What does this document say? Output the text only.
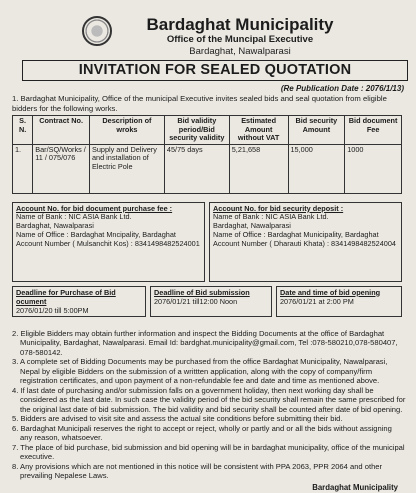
Bardaghat Municipality
Office of the Muncipal Executive
Bardaghat, Nawalparasi
INVITATION FOR SEALED QUOTATION
(Re Publication Date : 2076/1/13)
1. Bardaghat Municipality, Office of the municipal Executive invites sealed bids and seal quotation from eligible bidders for the following works.
S. N.	Contract No.	Description of wroks	Bid validity period/Bid security validity	Estimated Amount without VAT	Bid security Amount	Bid document Fee
1.	Bar/SQ/Works / 11 / 075/076	Supply and Delivery and installation of Electric Pole	45/75 days	5,21,658	15,000	1000
Account No. for bid document purchase fee :
Name of Bank : NIC ASIA Bank Ltd.
Bardaghat, Nawalparasi
Name of Office : Bardaghat Mncipality, Bardaghat
Account Number ( Mulsanchit Kos) : 8341498482524001
Account No. for bid security deposit :
Name of Bank : NIC ASIA Bank Ltd.
Bardaghat, Nawalparasi
Name of Office : Bardaghat Municipality, Bardaghat
Account Number ( Dharauti Khata) : 8341498482524004
Deadline for Purchase of Bid ocument
2076/01/20 till 5:00PM
Deadline of Bid submission
2076/01/21 till12:00 Noon
Date and time of bid opening
2076/01/21 at 2:00 PM
2. Eligible Bidders may obtain further information and inspect the Bidding Documents at the office of Bardaghat Municipality, Bardaghat, Nawalparasi. Email Id: bardghat.municipality@gmail.com, Tel :078-580210,078-580407, 078-580142.
3. A complete set of Bidding Documents may be purchased from the office Bardaghat Municipality, Nawalparasi, Nepal by eligible Bidders on the submission of a writtten application, along with the copy of company/firm registration certificates, and upon payment of a non-refundable fee and date and time as mentioned above.
4. If last date of purchasing and/or submission falls on a government holiday, then next working day shall be considered as the last date. In such case the validity period of the bid security shall remain the same prescribed for the original last date of bid submission. The bid validity and bid security shall be counted after date of bid opening.
5. Bidders are advised to visit site and assess the actual site conditions before submitting their bid.
6. Bardaghat Municipali reserves the right to accept or reject, wholly or partly and or all the bids without assigning any reason, whatsoever.
7. The place of bid purchase, bid submission and bid opening will be in bardaghat municipality, office of the municipal executive.
8. Any provisions which are not mentioned in this notice will be consistent with PPA 2063, PPR 2064 and other prevailing Nepalese Laws.
Bardaghat Municipality
